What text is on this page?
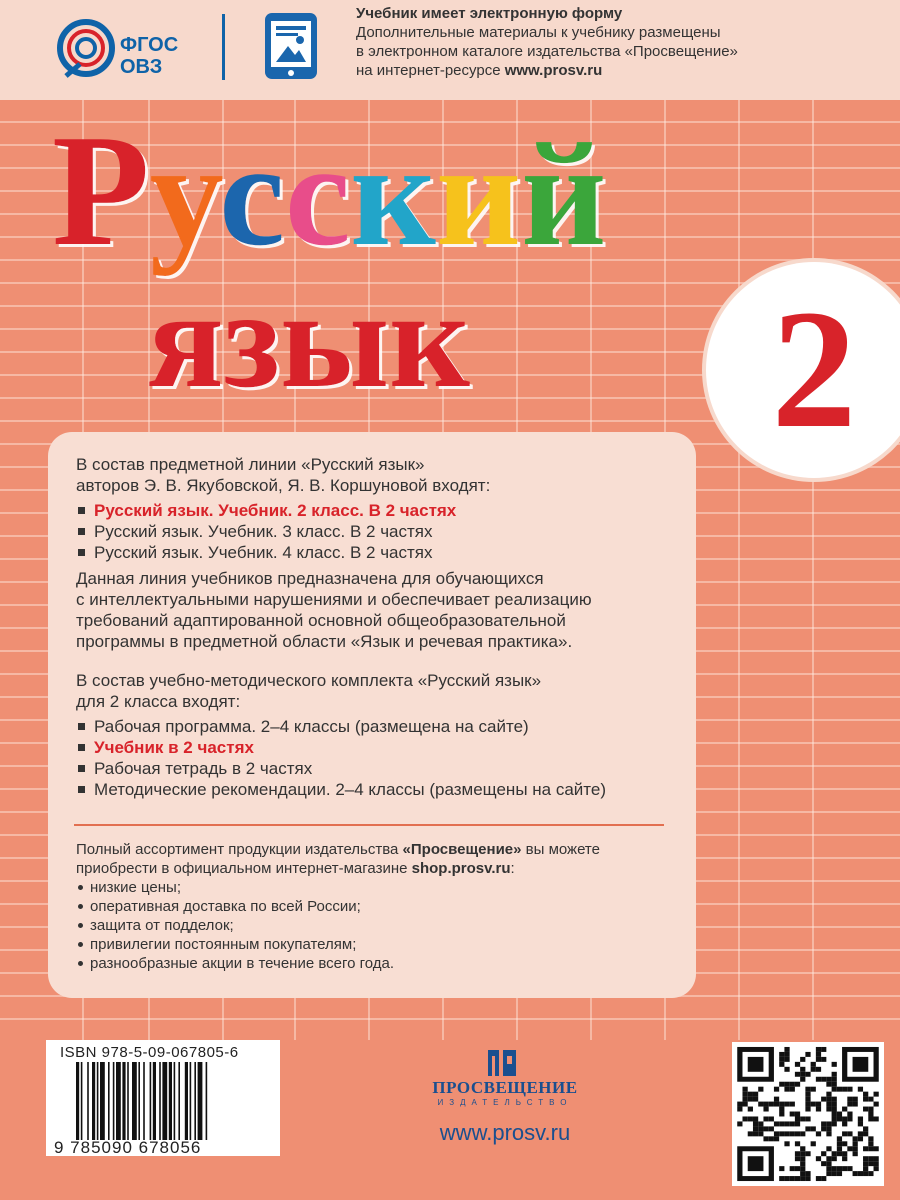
ФГОС
ОВЗ
Учебник имеет электронную форму
Дополнительные материалы к учебнику размещены
в электронном каталоге издательства «Просвещение»
на интернет-ресурсе www.prosv.ru
Русский
язык	2
В состав предметной линии «Русский язык»
авторов Э. В. Якубовской, Я. В. Коршуновой входят:
Русский язык. Учебник. 2 класс. В 2 частях
Русский язык. Учебник. 3 класс. В 2 частях
Русский язык. Учебник. 4 класс. В 2 частях
Данная линия учебников предназначена для обучающихся
с интеллектуальными нарушениями и обеспечивает реализацию
требований адаптированной основной общеобразовательной
программы в предметной области «Язык и речевая практика».
В состав учебно-методического комплекта «Русский язык»
для 2 класса входят:
Рабочая программа. 2–4 классы (размещена на сайте)
Учебник в 2 частях
Рабочая тетрадь в 2 частях
Методические рекомендации. 2–4 классы (размещены на сайте)
Полный ассортимент продукции издательства «Просвещение» вы можете
приобрести в официальном интернет-магазине shop.prosv.ru:
низкие цены;
оперативная доставка по всей России;
защита от подделок;
привилегии постоянным покупателям;
разнообразные акции в течение всего года.
ISBN 978-5-09-067805-6
9 785090 678056
ПРОСВЕЩЕНИЕ
ИЗДАТЕЛЬСТВО
www.prosv.ru
